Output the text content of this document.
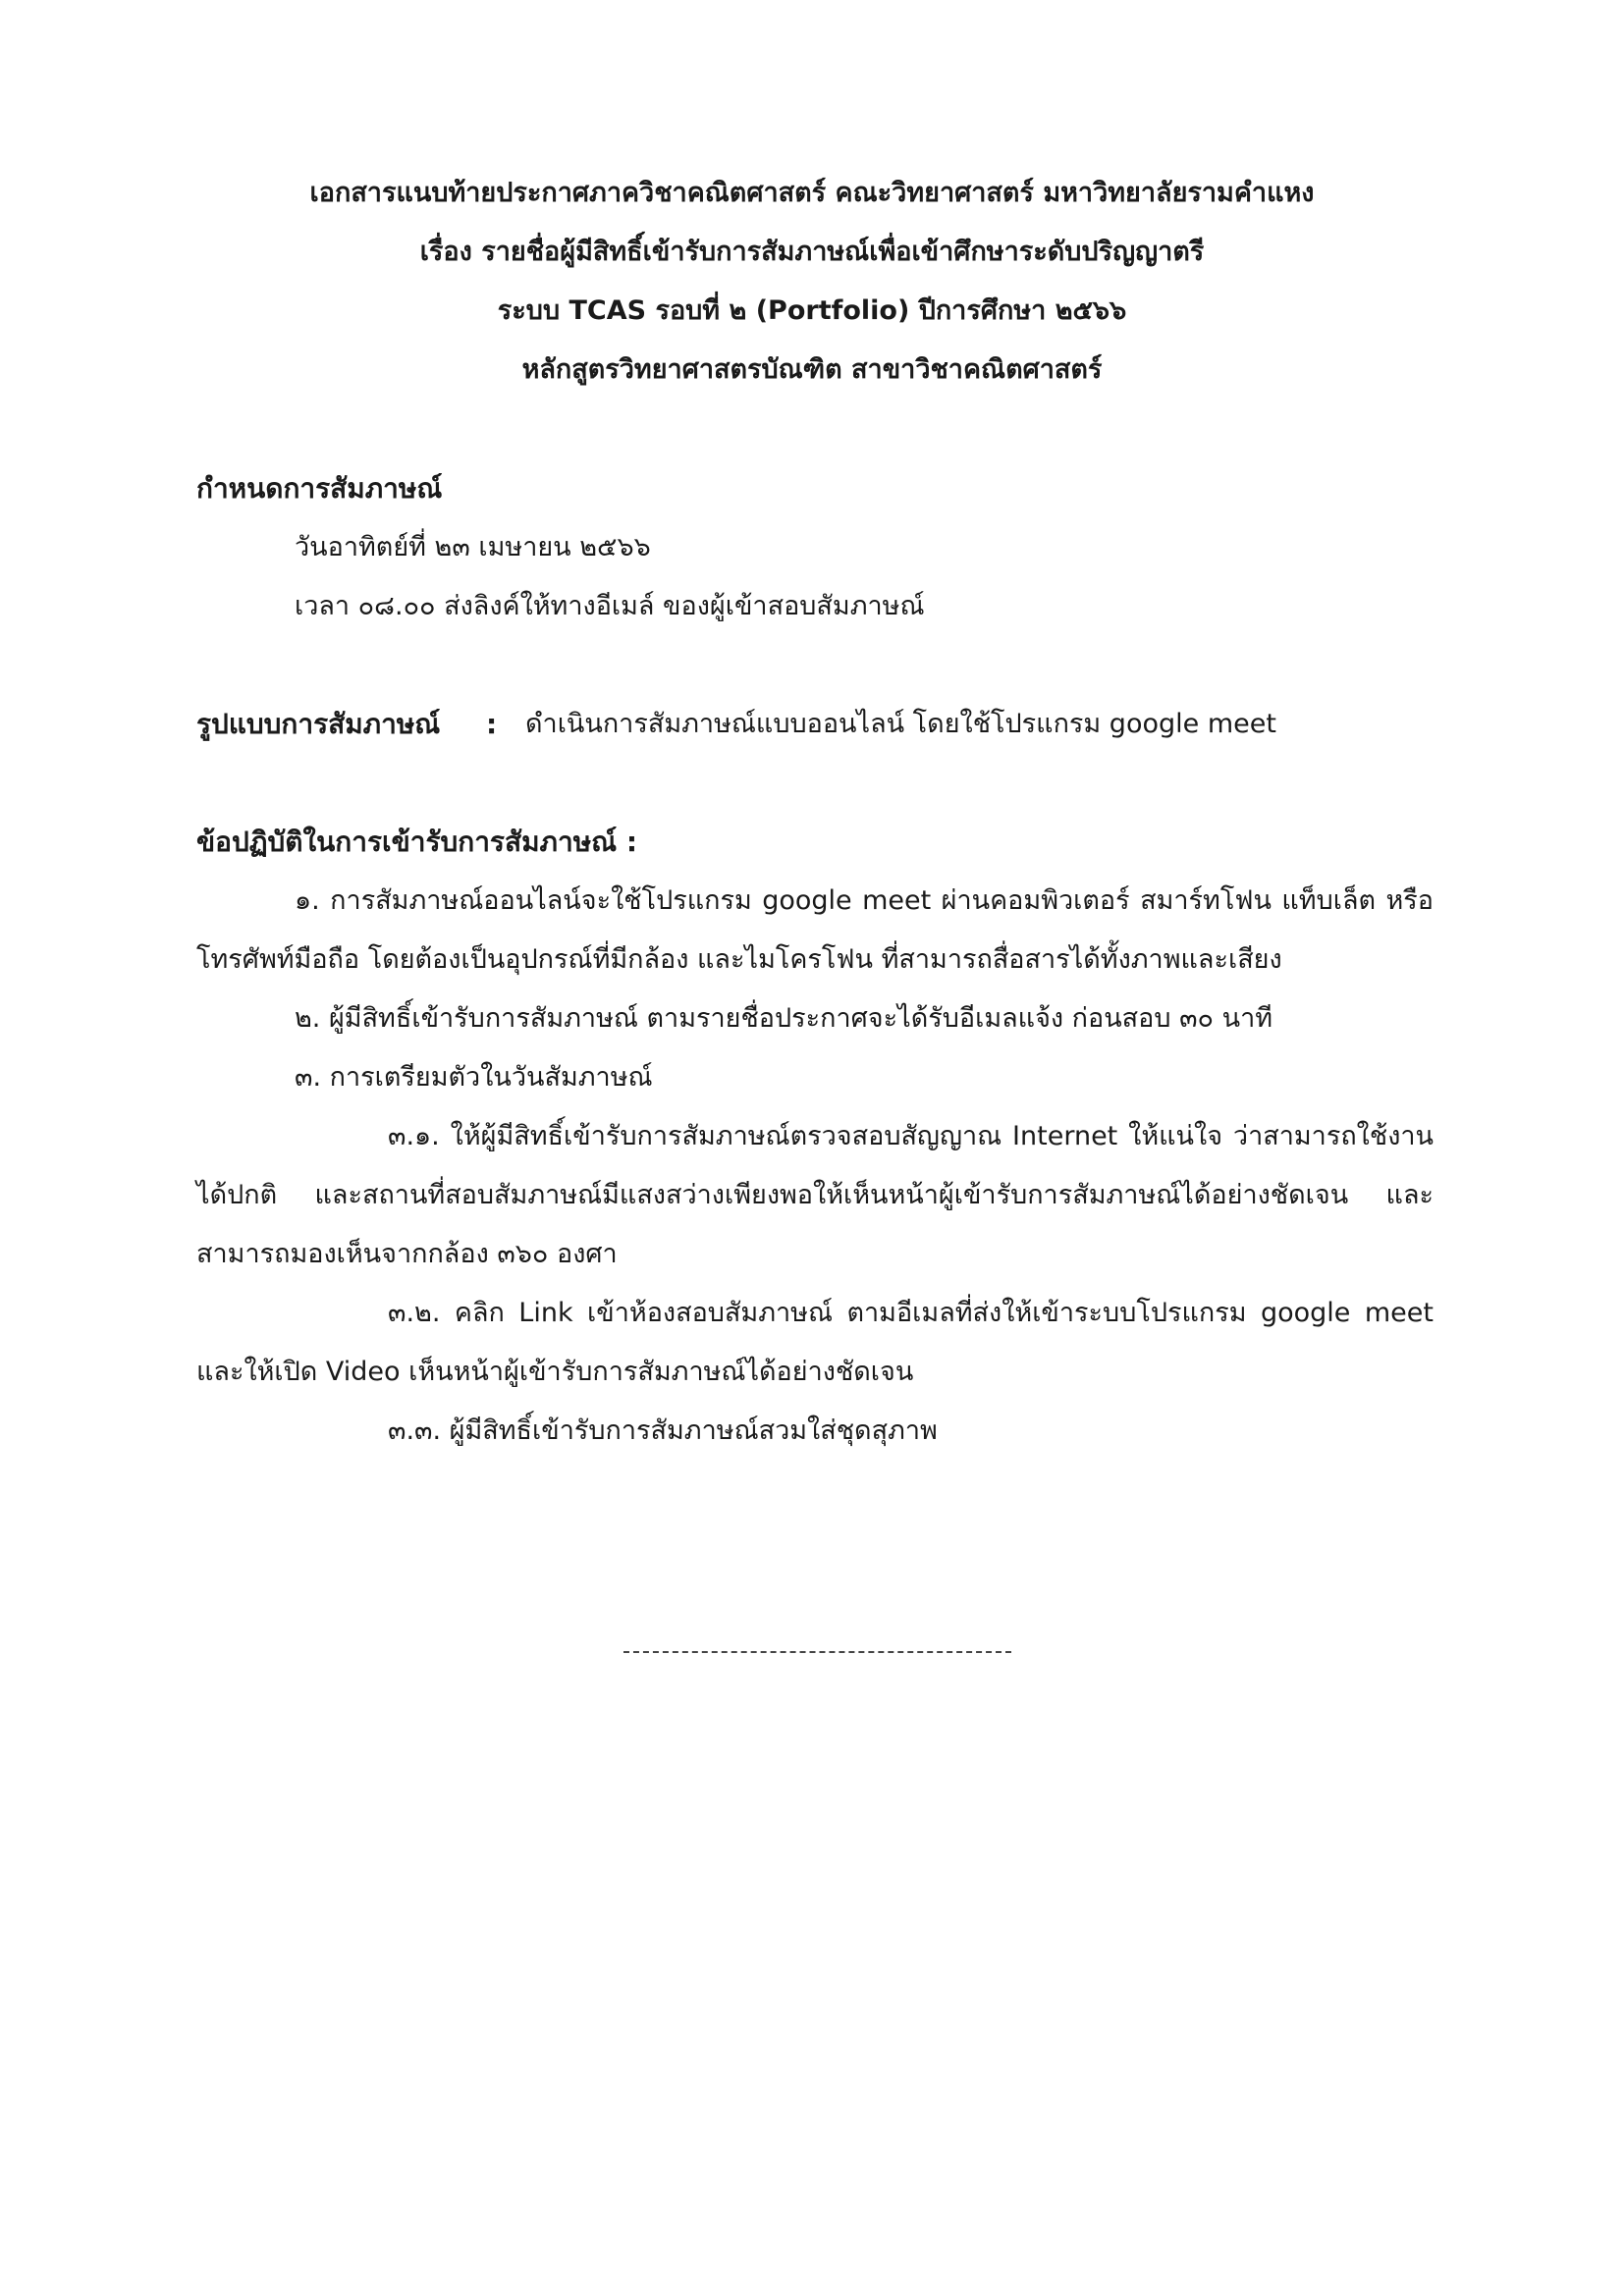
เอกสารแนบท้ายประกาศภาควิชาคณิตศาสตร์ คณะวิทยาศาสตร์ มหาวิทยาลัยรามคำแหง
เรื่อง รายชื่อผู้มีสิทธิ์เข้ารับการสัมภาษณ์เพื่อเข้าศึกษาระดับปริญญาตรี
ระบบ TCAS รอบที่ ๒ (Portfolio) ปีการศึกษา ๒๕๖๖
หลักสูตรวิทยาศาสตรบัณฑิต สาขาวิชาคณิตศาสตร์
กำหนดการสัมภาษณ์
วันอาทิตย์ที่ ๒๓ เมษายน ๒๕๖๖
เวลา ๐๘.๐๐ ส่งลิงค์ให้ทางอีเมล์ ของผู้เข้าสอบสัมภาษณ์
รูปแบบการสัมภาษณ์ : ดำเนินการสัมภาษณ์แบบออนไลน์ โดยใช้โปรแกรม google meet
ข้อปฏิบัติในการเข้ารับการสัมภาษณ์ :
๑. การสัมภาษณ์ออนไลน์จะใช้โปรแกรม google meet ผ่านคอมพิวเตอร์ สมาร์ทโฟน แท็บเล็ต หรือโทรศัพท์มือถือ โดยต้องเป็นอุปกรณ์ที่มีกล้อง และไมโครโฟน ที่สามารถสื่อสารได้ทั้งภาพและเสียง
๒. ผู้มีสิทธิ์เข้ารับการสัมภาษณ์ ตามรายชื่อประกาศจะได้รับอีเมลแจ้ง ก่อนสอบ ๓๐ นาที
๓. การเตรียมตัวในวันสัมภาษณ์
๓.๑. ให้ผู้มีสิทธิ์เข้ารับการสัมภาษณ์ตรวจสอบสัญญาณ Internet ให้แน่ใจ ว่าสามารถใช้งานได้ปกติ และสถานที่สอบสัมภาษณ์มีแสงสว่างเพียงพอให้เห็นหน้าผู้เข้ารับการสัมภาษณ์ได้อย่างชัดเจน และสามารถมองเห็นจากกล้อง ๓๖๐ องศา
๓.๒. คลิก Link เข้าห้องสอบสัมภาษณ์ ตามอีเมลที่ส่งให้เข้าระบบโปรแกรม google meet และให้เปิด Video เห็นหน้าผู้เข้ารับการสัมภาษณ์ได้อย่างชัดเจน
๓.๓. ผู้มีสิทธิ์เข้ารับการสัมภาษณ์สวมใส่ชุดสุภาพ
